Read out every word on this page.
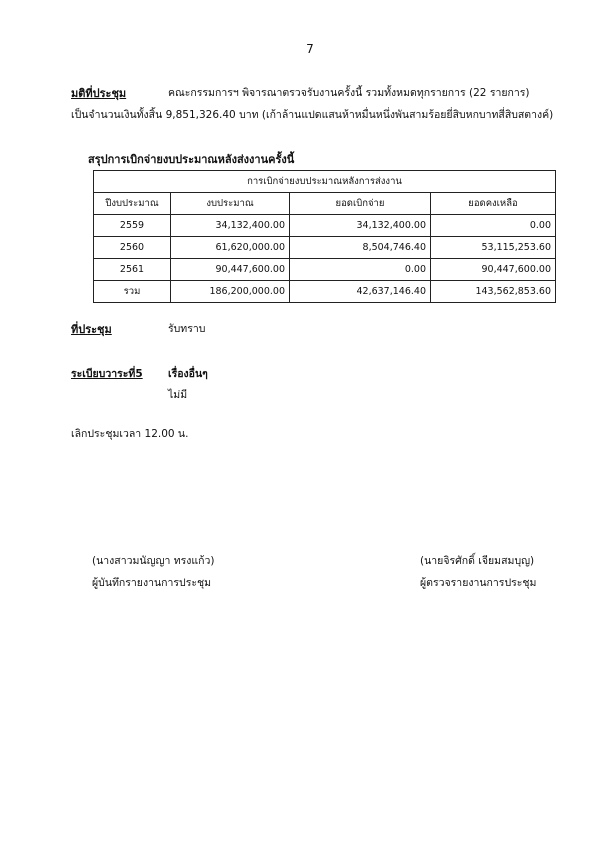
7
มติที่ประชุม	คณะกรรมการฯ พิจารณาตรวจรับงานครั้งนี้ รวมทั้งหมดทุกรายการ (22 รายการ)
เป็นจำนวนเงินทั้งสิ้น 9,851,326.40 บาท (เก้าล้านแปดแสนห้าหมื่นหนึ่งพันสามร้อยยี่สิบหกบาทสี่สิบสตางค์)
สรุปการเบิกจ่ายงบประมาณหลังส่งงานครั้งนี้
การเบิกจ่ายงบประมาณหลังการส่งงาน			
ปีงบประมาณ	งบประมาณ	ยอดเบิกจ่าย	ยอดคงเหลือ
2559	34,132,400.00	34,132,400.00	0.00
2560	61,620,000.00	8,504,746.40	53,115,253.60
2561	90,447,600.00	0.00	90,447,600.00
รวม	186,200,000.00	42,637,146.40	143,562,853.60
ที่ประชุม	รับทราบ
ระเบียบวาระที่5 เรื่องอื่นๆ
ไม่มี
เลิกประชุมเวลา 12.00 น.
(นางสาวมนัญญา ทรงแก้ว)
ผู้บันทึกรายงานการประชุม
(นายจิรศักดิ์ เจียมสมบุญ)
ผู้ตรวจรายงานการประชุม
